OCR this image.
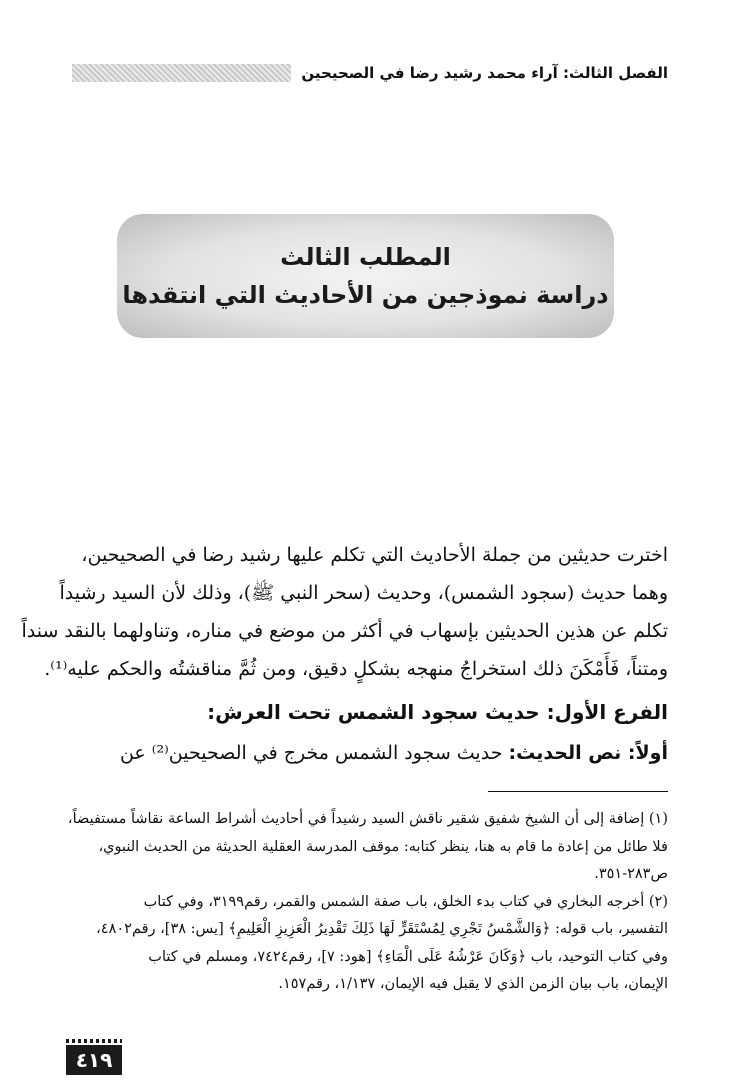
الفصل الثالث: آراء محمد رشيد رضا في الصحيحين
المطلب الثالث
دراسة نموذجين من الأحاديث التي انتقدها
اخترت حديثين من جملة الأحاديث التي تكلم عليها رشيد رضا في الصحيحين،
وهما حديث (سجود الشمس)، وحديث (سحر النبي ﷺ)، وذلك لأن السيد رشيداً
تكلم عن هذين الحديثين بإسهاب في أكثر من موضع في مناره، وتناولهما بالنقد سنداً
ومتناً، فَأَمْكَنَ ذلك استخراجُ منهجه بشكلٍ دقيق، ومن ثُمَّ مناقشتُه والحكم عليه⁽¹⁾.
الفرع الأول: حديث سجود الشمس تحت العرش:
أولاً: نص الحديث: حديث سجود الشمس مخرج في الصحيحين⁽²⁾ عن
(١) إضافة إلى أن الشيخ شفيق شقير ناقش السيد رشيداً في أحاديث أشراط الساعة نقاشاً مستفيضاً،
فلا طائل من إعادة ما قام به هنا، ينظر كتابه: موقف المدرسة العقلية الحديثة من الحديث النبوي،
ص٢٨٣-٣٥١.
(٢) أخرجه البخاري في كتاب بدء الخلق، باب صفة الشمس والقمر، رقم٣١٩٩، وفي كتاب
التفسير، باب قوله: ﴿وَالشَّمْسُ تَجْرِي لِمُسْتَقَرٍّ لَهَا ذَلِكَ تَقْدِيرُ الْعَزِيزِ الْعَلِيمِ﴾ [يس: ٣٨]، رقم٤٨٠٢،
وفي كتاب التوحيد، باب ﴿وَكَانَ عَرْشُهُ عَلَى الْمَاءِ﴾ [هود: ٧]، رقم٧٤٢٤، ومسلم في كتاب
الإيمان، باب بيان الزمن الذي لا يقبل فيه الإيمان، ١/١٣٧، رقم١٥٧.
٤١٩
